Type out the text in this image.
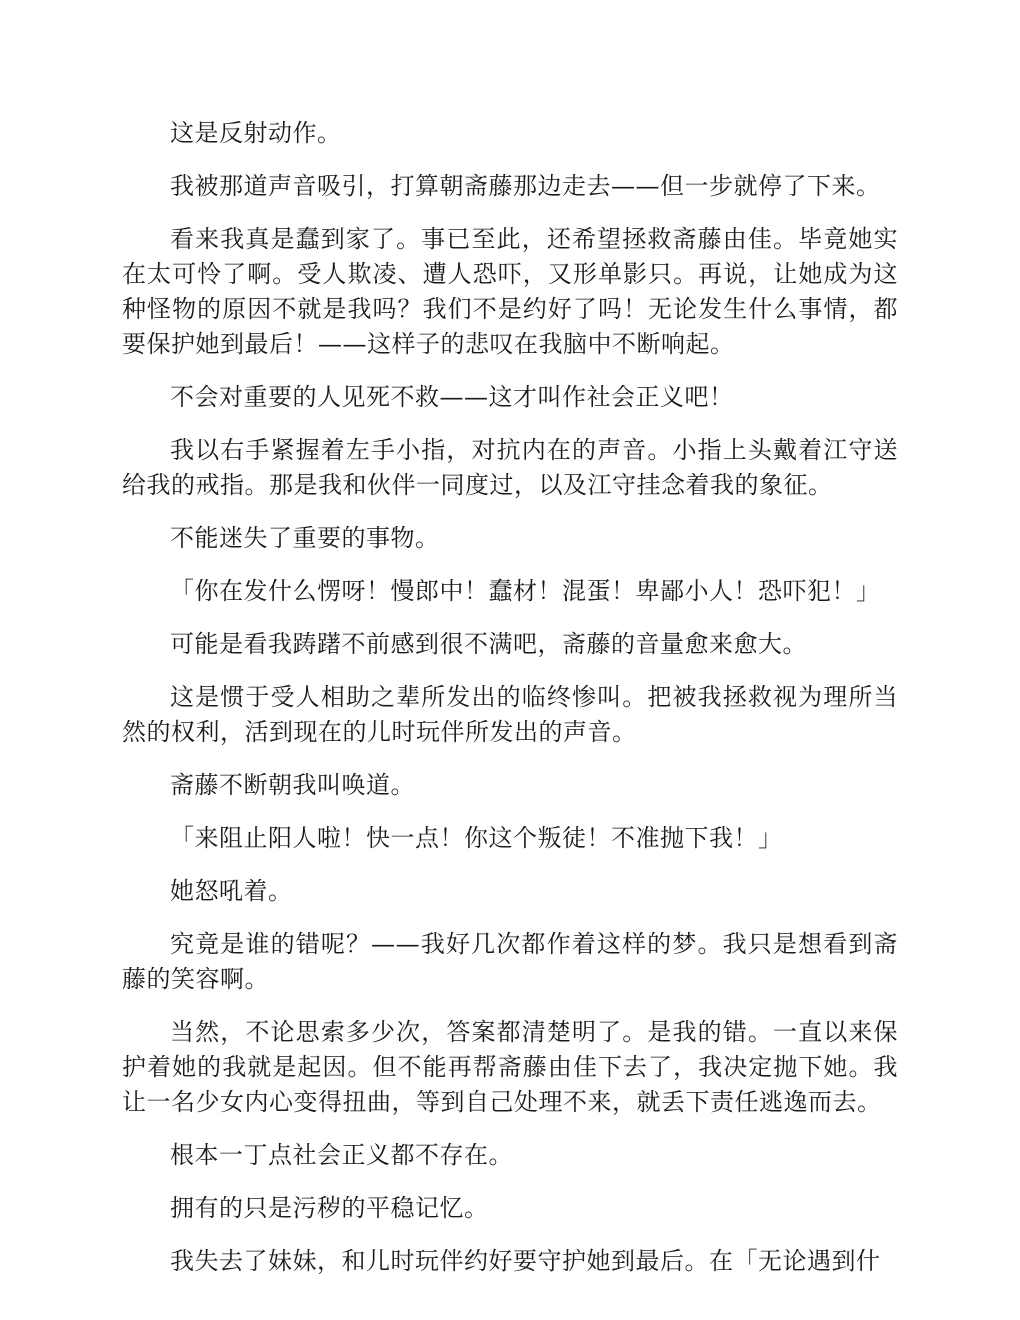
这是反射动作。

我被那道声音吸引，打算朝斋藤那边走去——但一步就停了下来。

看来我真是蠢到家了。事已至此，还希望拯救斋藤由佳。毕竟她实在太可怜了啊。受人欺凌、遭人恐吓，又形单影只。再说，让她成为这种怪物的原因不就是我吗？我们不是约好了吗！无论发生什么事情，都要保护她到最后！——这样子的悲叹在我脑中不断响起。

不会对重要的人见死不救——这才叫作社会正义吧！

我以右手紧握着左手小指，对抗内在的声音。小指上头戴着江守送给我的戒指。那是我和伙伴一同度过，以及江守挂念着我的象征。

不能迷失了重要的事物。

「你在发什么愣呀！慢郎中！蠢材！混蛋！卑鄙小人！恐吓犯！」

可能是看我踌躇不前感到很不满吧，斋藤的音量愈来愈大。

这是惯于受人相助之辈所发出的临终惨叫。把被我拯救视为理所当然的权利，活到现在的儿时玩伴所发出的声音。

斋藤不断朝我叫唤道。

「来阻止阳人啦！快一点！你这个叛徒！不准抛下我！」

她怒吼着。

究竟是谁的错呢？——我好几次都作着这样的梦。我只是想看到斋藤的笑容啊。

当然，不论思索多少次，答案都清楚明了。是我的错。一直以来保护着她的我就是起因。但不能再帮斋藤由佳下去了，我决定抛下她。我让一名少女内心变得扭曲，等到自己处理不来，就丢下责任逃逸而去。

根本一丁点社会正义都不存在。

拥有的只是污秽的平稳记忆。

我失去了妹妹，和儿时玩伴约好要守护她到最后。在「无论遇到什
